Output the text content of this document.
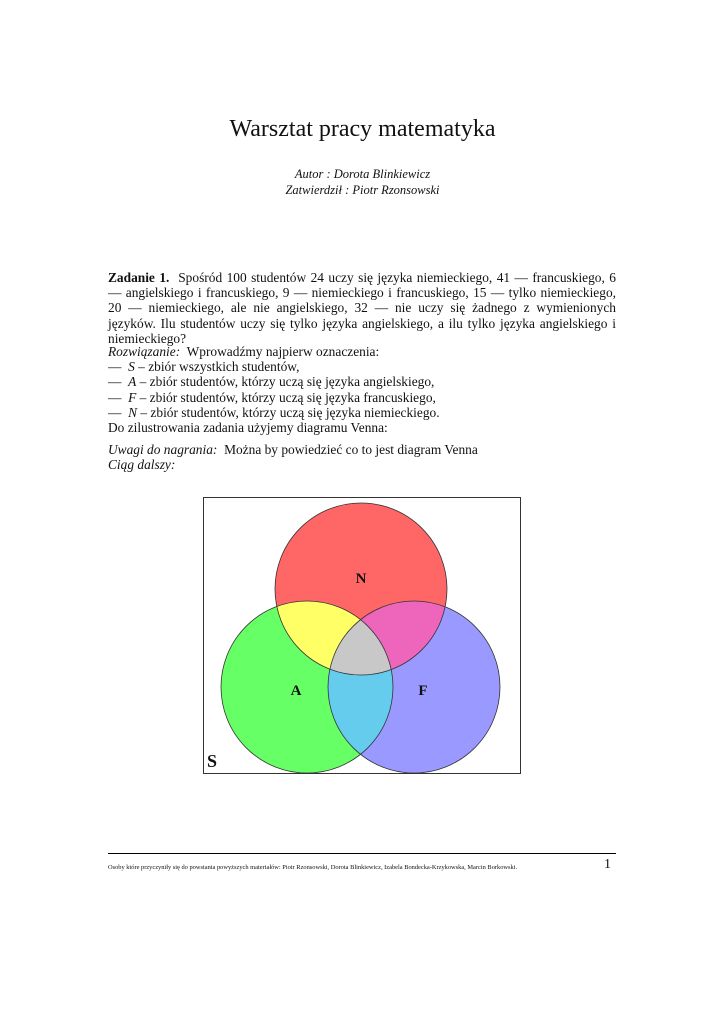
Warsztat pracy matematyka
Autor : Dorota Blinkiewicz
Zatwierdził : Piotr Rzonsowski
Zadanie 1. Spośród 100 studentów 24 uczy się języka niemieckiego, 41 — francuskiego, 6 — angielskiego i francuskiego, 9 — niemieckiego i francuskiego, 15 — tylko niemieckiego, 20 — niemieckiego, ale nie angielskiego, 32 — nie uczy się żadnego z wymienionych języków. Ilu studentów uczy się tylko języka angielskiego, a ilu tylko języka angielskiego i niemieckiego?
Rozwiązanie: Wprowadźmy najpierw oznaczenia:
— S – zbiór wszystkich studentów,
— A – zbiór studentów, którzy uczą się języka angielskiego,
— F – zbiór studentów, którzy uczą się języka francuskiego,
— N – zbiór studentów, którzy uczą się języka niemieckiego.
Do zilustrowania zadania użyjemy diagramu Venna:
Uwagi do nagrania: Można by powiedzieć co to jest diagram Venna
Ciąg dalszy:
N
A	F
S
Osoby które przyczyniły się do powstania powyższych materiałów: Piotr Rzonsowski, Dorota Blinkiewicz, Izabela Bondecka-Krzykowska, Marcin Borkowski.	1
